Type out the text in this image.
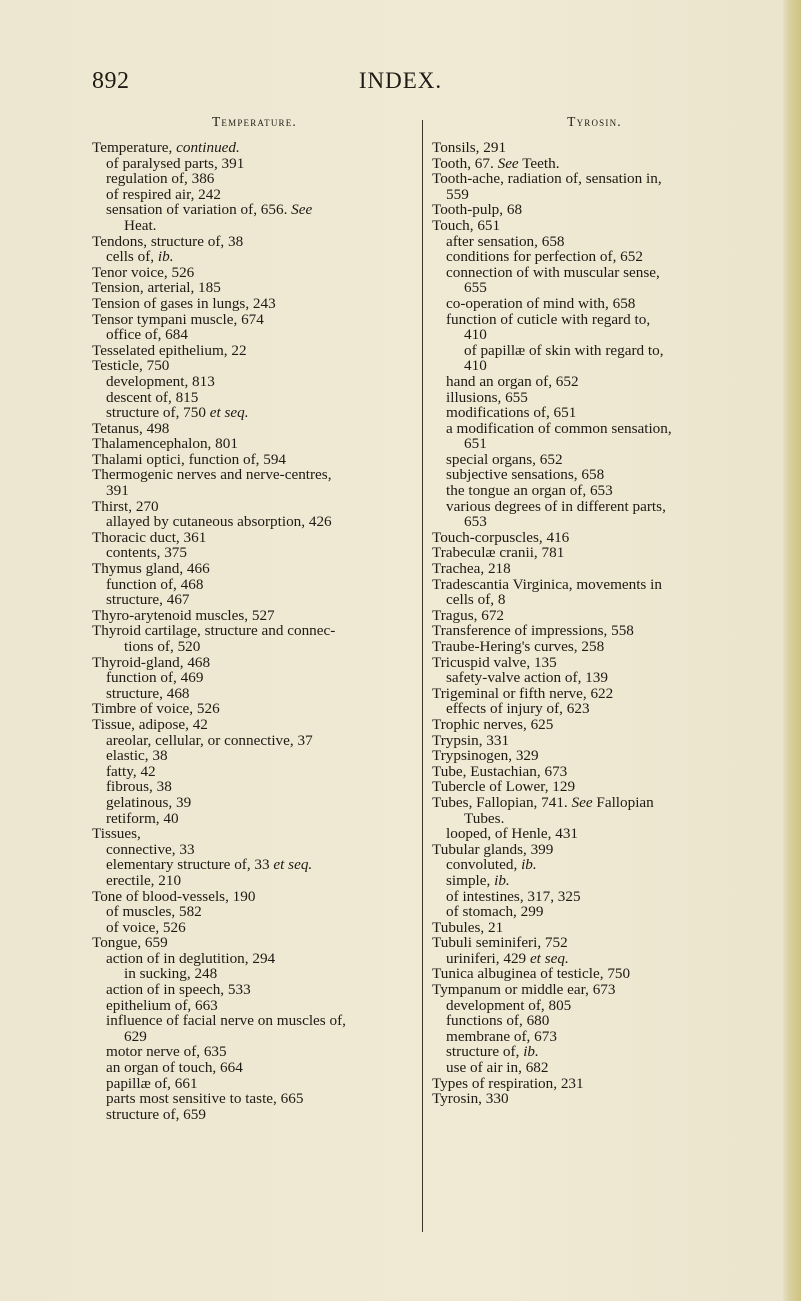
892	INDEX.
Temperature.
Temperature, continued.
of paralysed parts, 391
regulation of, 386
of respired air, 242
sensation of variation of, 656. See
Heat.
Tendons, structure of, 38
cells of, ib.
Tenor voice, 526
Tension, arterial, 185
Tension of gases in lungs, 243
Tensor tympani muscle, 674
office of, 684
Tesselated epithelium, 22
Testicle, 750
development, 813
descent of, 815
structure of, 750 et seq.
Tetanus, 498
Thalamencephalon, 801
Thalami optici, function of, 594
Thermogenic nerves and nerve-centres,
391
Thirst, 270
allayed by cutaneous absorption, 426
Thoracic duct, 361
contents, 375
Thymus gland, 466
function of, 468
structure, 467
Thyro-arytenoid muscles, 527
Thyroid cartilage, structure and connec-
tions of, 520
Thyroid-gland, 468
function of, 469
structure, 468
Timbre of voice, 526
Tissue, adipose, 42
areolar, cellular, or connective, 37
elastic, 38
fatty, 42
fibrous, 38
gelatinous, 39
retiform, 40
Tissues,
connective, 33
elementary structure of, 33 et seq.
erectile, 210
Tone of blood-vessels, 190
of muscles, 582
of voice, 526
Tongue, 659
action of in deglutition, 294
in sucking, 248
action of in speech, 533
epithelium of, 663
influence of facial nerve on muscles of,
629
motor nerve of, 635
an organ of touch, 664
papillæ of, 661
parts most sensitive to taste, 665
structure of, 659
Tyrosin.
Tonsils, 291
Tooth, 67. See Teeth.
Tooth-ache, radiation of, sensation in,
559
Tooth-pulp, 68
Touch, 651
after sensation, 658
conditions for perfection of, 652
connection of with muscular sense,
655
co-operation of mind with, 658
function of cuticle with regard to,
410
of papillæ of skin with regard to,
410
hand an organ of, 652
illusions, 655
modifications of, 651
a modification of common sensation,
651
special organs, 652
subjective sensations, 658
the tongue an organ of, 653
various degrees of in different parts,
653
Touch-corpuscles, 416
Trabeculæ cranii, 781
Trachea, 218
Tradescantia Virginica, movements in
cells of, 8
Tragus, 672
Transference of impressions, 558
Traube-Hering's curves, 258
Tricuspid valve, 135
safety-valve action of, 139
Trigeminal or fifth nerve, 622
effects of injury of, 623
Trophic nerves, 625
Trypsin, 331
Trypsinogen, 329
Tube, Eustachian, 673
Tubercle of Lower, 129
Tubes, Fallopian, 741. See Fallopian
Tubes.
looped, of Henle, 431
Tubular glands, 399
convoluted, ib.
simple, ib.
of intestines, 317, 325
of stomach, 299
Tubules, 21
Tubuli seminiferi, 752
uriniferi, 429 et seq.
Tunica albuginea of testicle, 750
Tympanum or middle ear, 673
development of, 805
functions of, 680
membrane of, 673
structure of, ib.
use of air in, 682
Types of respiration, 231
Tyrosin, 330
